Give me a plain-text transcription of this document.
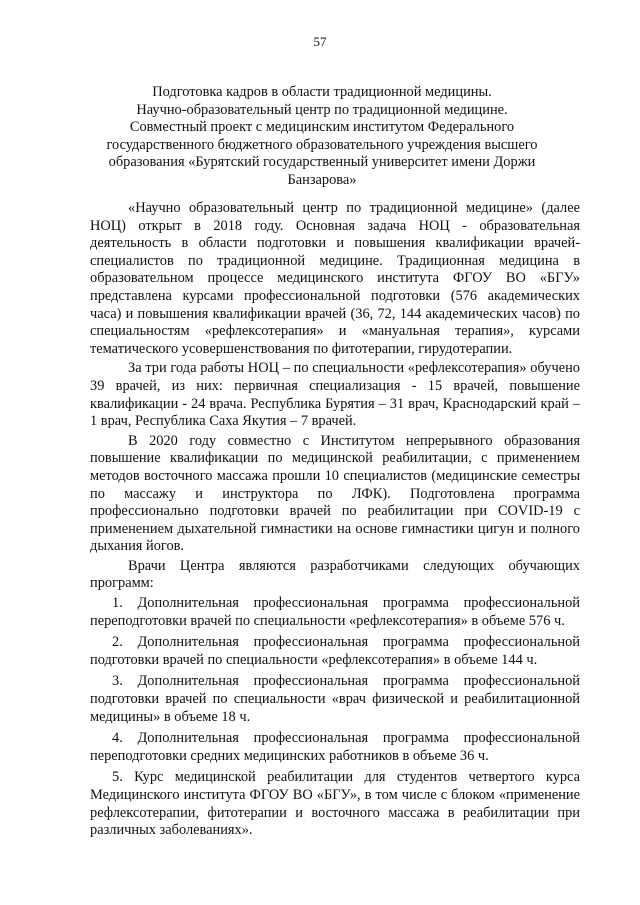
57
Подготовка кадров в области традиционной медицины.
Научно-образовательный центр по традиционной медицине.
Совместный проект с медицинским институтом Федерального
государственного бюджетного образовательного учреждения высшего
образования «Бурятский государственный университет имени Доржи
Банзарова»

«Научно образовательный центр по традиционной медицине» (далее НОЦ) открыт в 2018 году. Основная задача НОЦ - образовательная деятельность в области подготовки и повышения квалификации врачей-специалистов по традиционной медицине. Традиционная медицина в образовательном процессе медицинского института ФГОУ ВО «БГУ» представлена курсами профессиональной подготовки (576 академических часа) и повышения квалификации врачей (36, 72, 144 академических часов) по специальностям «рефлексотерапия» и «мануальная терапия», курсами тематического усовершенствования по фитотерапии, гирудотерапии.

За три года работы НОЦ – по специальности «рефлексотерапия» обучено 39 врачей, из них: первичная специализация - 15 врачей, повышение квалификации - 24 врача. Республика Бурятия – 31 врач, Краснодарский край – 1 врач, Республика Саха Якутия – 7 врачей.

В 2020 году совместно с Институтом непрерывного образования повышение квалификации по медицинской реабилитации, с применением методов восточного массажа прошли 10 специалистов (медицинские семестры по массажу и инструктора по ЛФК). Подготовлена программа профессионально подготовки врачей по реабилитации при COVID-19 с применением дыхательной гимнастики на основе гимнастики цигун и полного дыхания йогов.

Врачи Центра являются разработчиками следующих обучающих программ:

1. Дополнительная профессиональная программа профессиональной переподготовки врачей по специальности «рефлексотерапия» в объеме 576 ч.

2. Дополнительная профессиональная программа профессиональной подготовки врачей по специальности «рефлексотерапия» в объеме 144 ч.

3. Дополнительная профессиональная программа профессиональной подготовки врачей по специальности «врач физической и реабилитационной медицины» в объеме 18 ч.

4. Дополнительная профессиональная программа профессиональной переподготовки средних медицинских работников в объеме 36 ч.

5. Курс медицинской реабилитации для студентов четвертого курса Медицинского института ФГОУ ВО «БГУ», в том числе с блоком «применение рефлексотерапии, фитотерапии и восточного массажа в реабилитации при различных заболеваниях».
